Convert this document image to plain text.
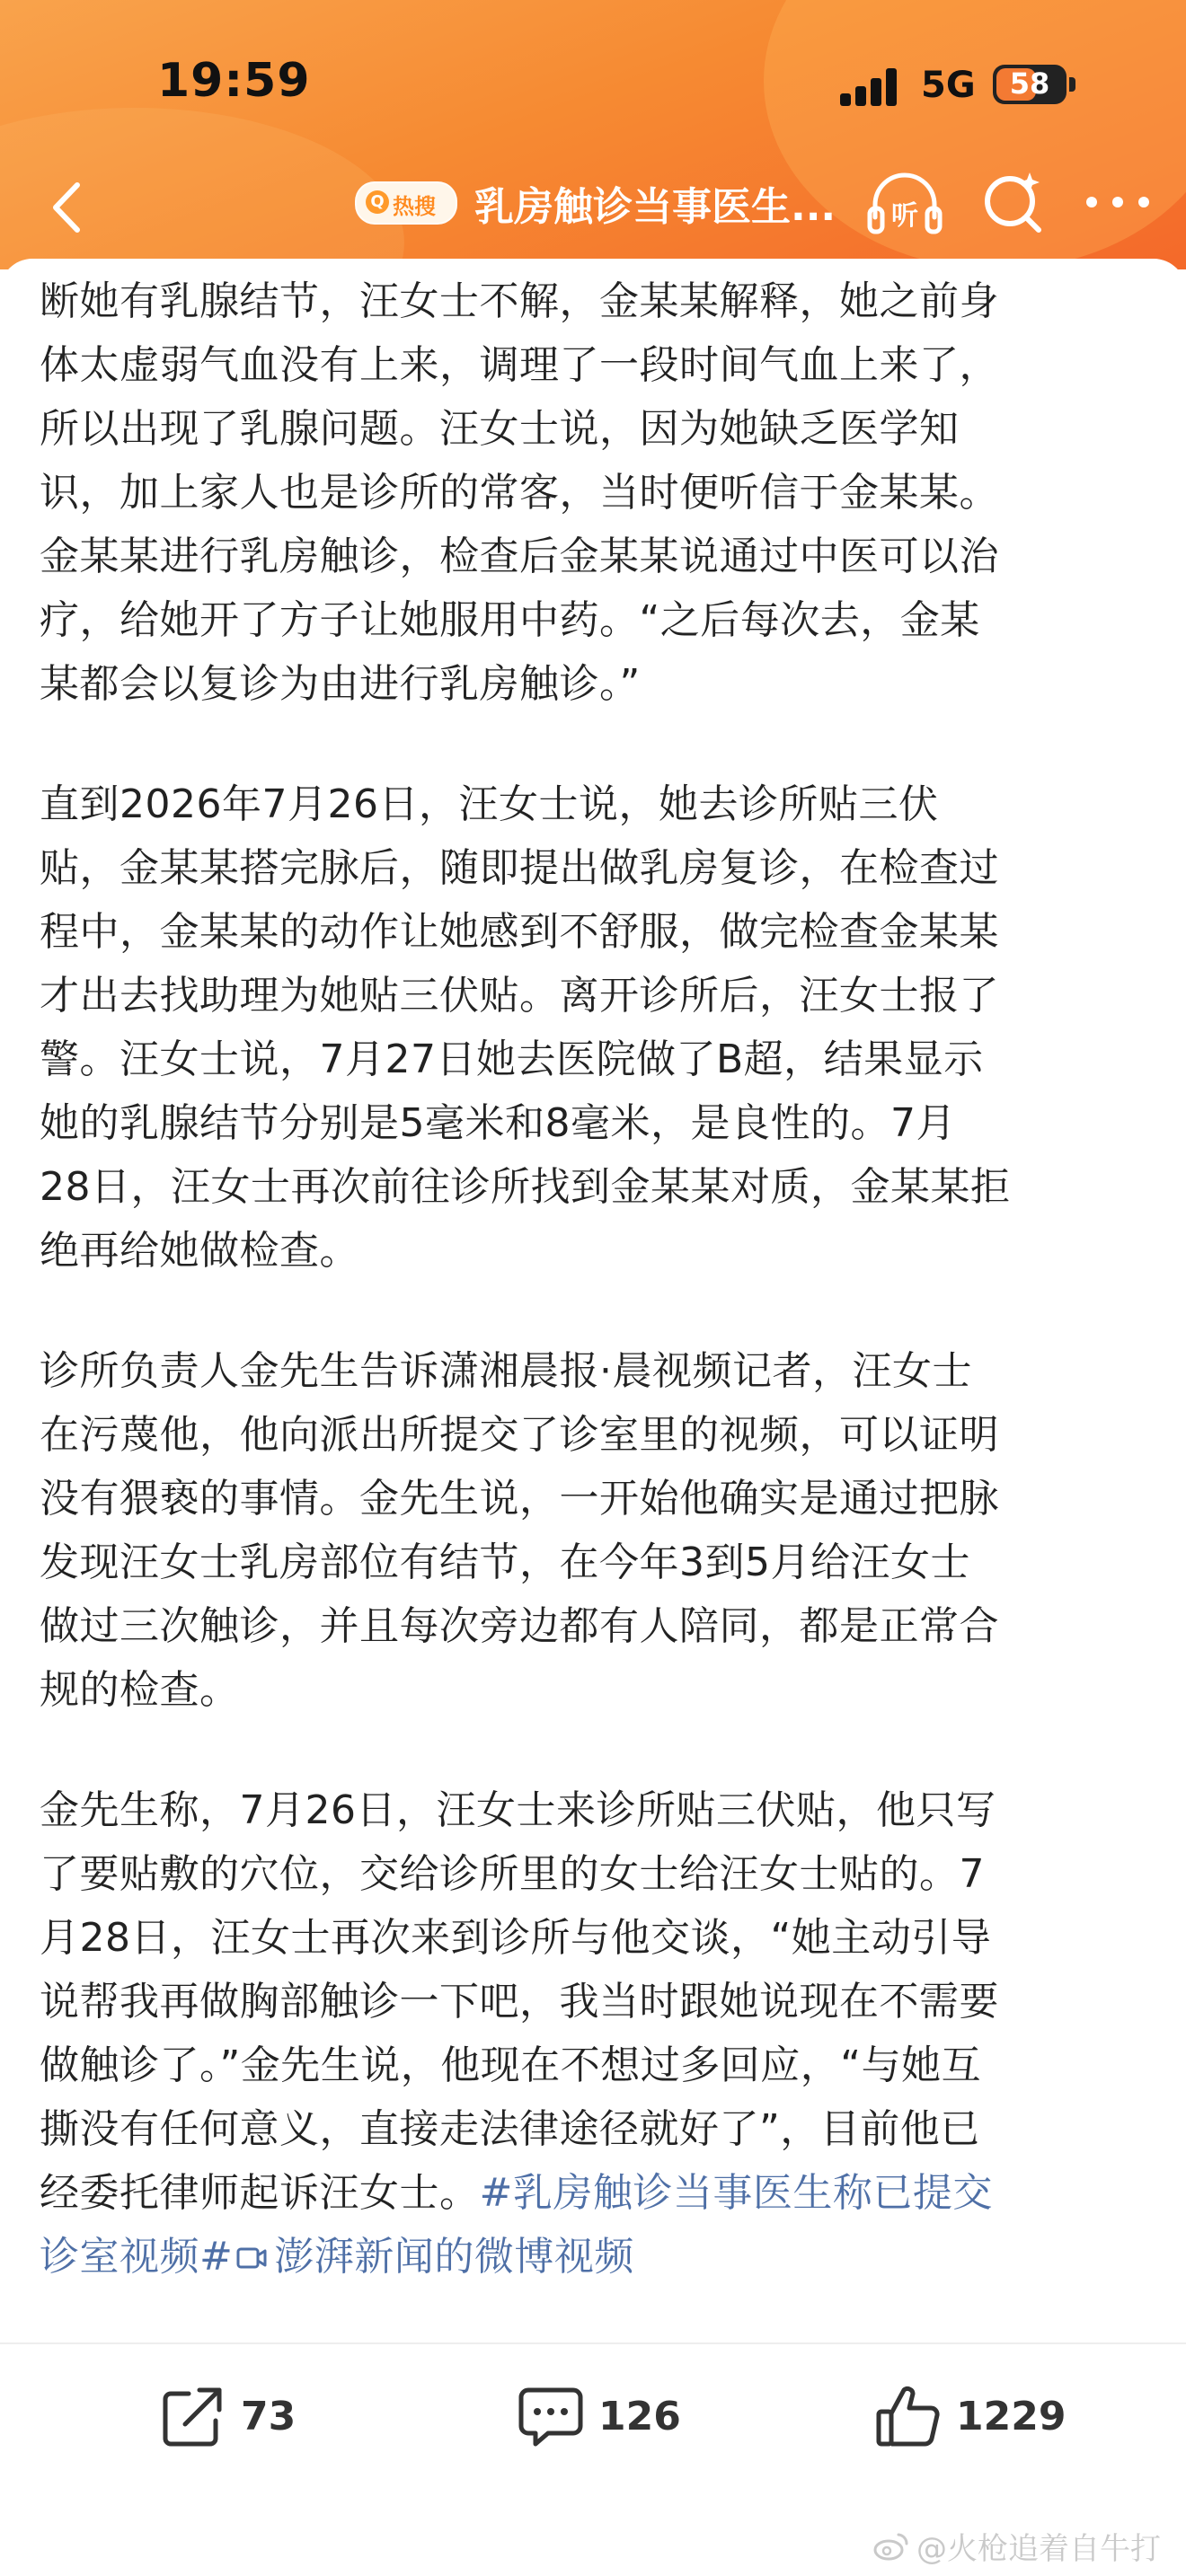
19:59	5G	58
Q 热搜 乳房触诊当事医生... 听

断她有乳腺结节，汪女士不解，金某某解释，她之前身
体太虚弱气血没有上来，调理了一段时间气血上来了，
所以出现了乳腺问题。汪女士说，因为她缺乏医学知
识，加上家人也是诊所的常客，当时便听信于金某某。
金某某进行乳房触诊，检查后金某某说通过中医可以治
疗，给她开了方子让她服用中药。“之后每次去，金某
某都会以复诊为由进行乳房触诊。”

直到2026年7月26日，汪女士说，她去诊所贴三伏
贴，金某某搭完脉后，随即提出做乳房复诊，在检查过
程中，金某某的动作让她感到不舒服，做完检查金某某
才出去找助理为她贴三伏贴。离开诊所后，汪女士报了
警。汪女士说，7月27日她去医院做了B超，结果显示
她的乳腺结节分别是5毫米和8毫米，是良性的。7月
28日，汪女士再次前往诊所找到金某某对质，金某某拒
绝再给她做检查。

诊所负责人金先生告诉潇湘晨报·晨视频记者，汪女士
在污蔑他，他向派出所提交了诊室里的视频，可以证明
没有猥亵的事情。金先生说，一开始他确实是通过把脉
发现汪女士乳房部位有结节，在今年3到5月给汪女士
做过三次触诊，并且每次旁边都有人陪同，都是正常合
规的检查。

金先生称，7月26日，汪女士来诊所贴三伏贴，他只写
了要贴敷的穴位，交给诊所里的女士给汪女士贴的。7
月28日，汪女士再次来到诊所与他交谈，“她主动引导
说帮我再做胸部触诊一下吧，我当时跟她说现在不需要
做触诊了。”金先生说，他现在不想过多回应，“与她互
撕没有任何意义，直接走法律途径就好了”，目前他已
经委托律师起诉汪女士。#乳房触诊当事医生称已提交
诊室视频# 澎湃新闻的微博视频

73	126	1229
@火枪追着自牛打
